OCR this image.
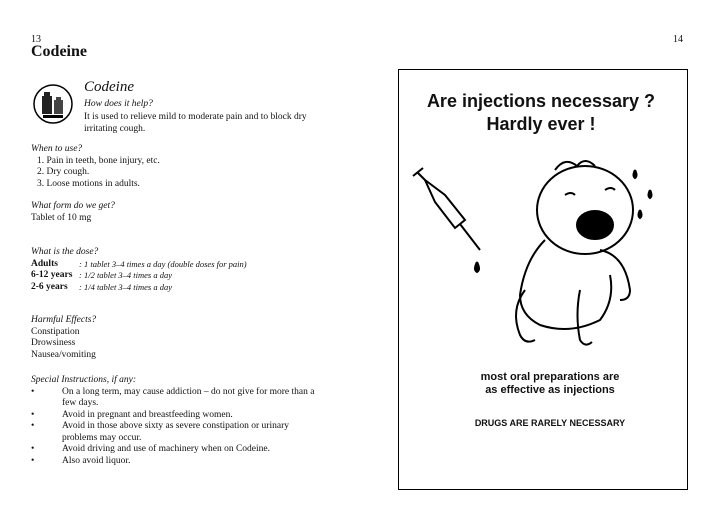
13	14
Codeine
Codeine
How does it help?
It is used to relieve mild to moderate pain and to block dry irritating cough.
When to use?
1. Pain in teeth, bone injury, etc.
2. Dry cough.
3. Loose motions in adults.
What form do we get?
Tablet of 10 mg
What is the dose?
Adults	: 1 tablet 3–4 times a day (double doses for pain)
6-12 years : 1/2 tablet 3–4 times a day
2-6 years	: 1/4 tablet 3–4 times a day
Harmful Effects?
Constipation
Drowsiness
Nausea/vomiting
Special Instructions, if any:
•	On a long term, may cause addiction – do not give for more than a few days.
•	Avoid in pregnant and breastfeeding women.
•	Avoid in those above sixty as severe constipation or urinary problems may occur.
•	Avoid driving and use of machinery when on Codeine.
•	Also avoid liquor.
Are injections necessary ?
Hardly ever !
most oral preparations are
as effective as injections
DRUGS ARE RARELY NECESSARY
